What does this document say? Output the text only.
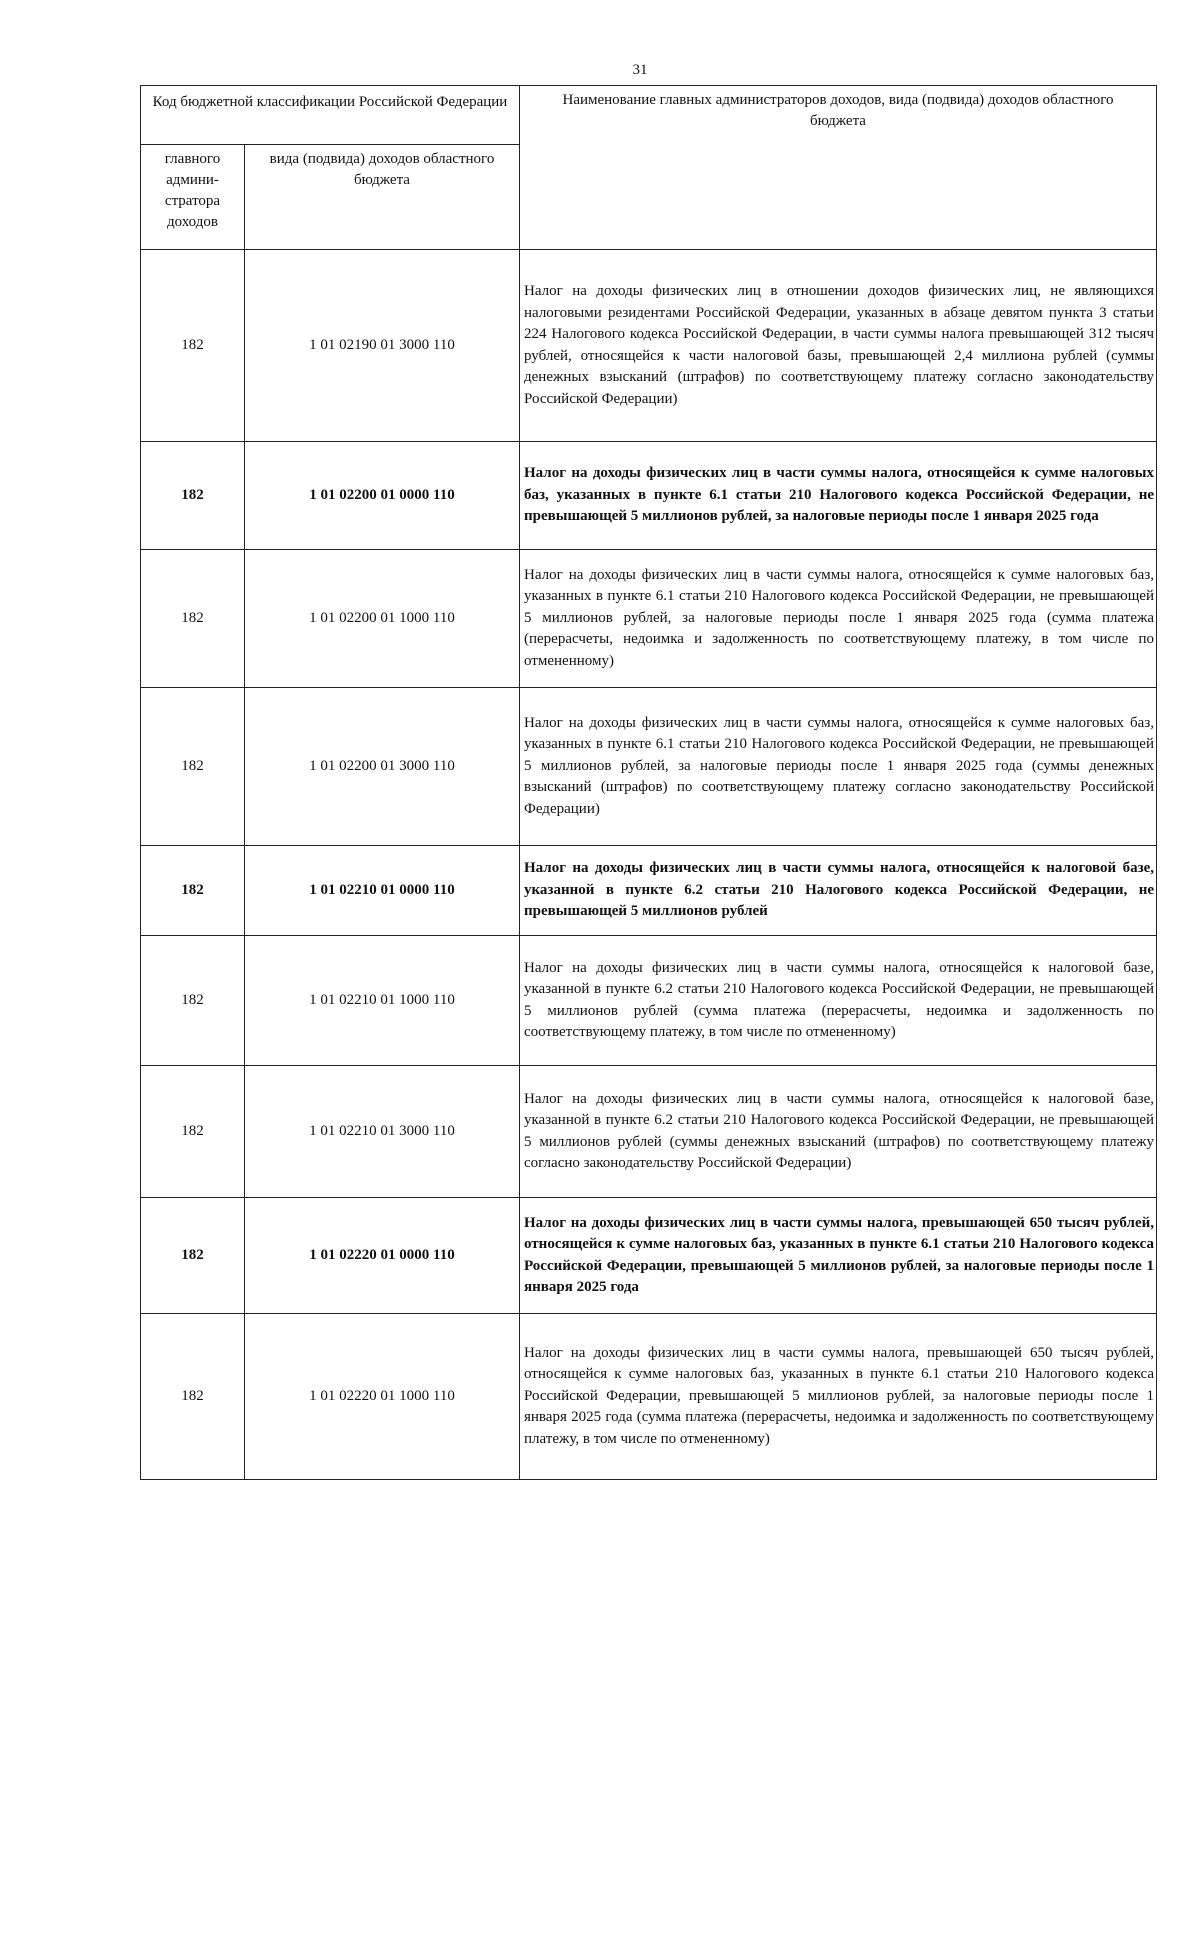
31
Код бюджетной классификации Российской Федерации		Наименование главных администраторов доходов, вида (подвида) доходов областного бюджета
главного админи-стратора доходов	вида (подвида) доходов областного бюджета	
182	1 01 02190 01 3000 110	Налог на доходы физических лиц в отношении доходов физических лиц, не являющихся налоговыми резидентами Российской Федерации, указанных в абзаце девятом пункта 3 статьи 224 Налогового кодекса Российской Федерации, в части суммы налога превышающей 312 тысяч рублей, относящейся к части налоговой базы, превышающей 2,4 миллиона рублей (суммы денежных взысканий (штрафов) по соответствующему платежу согласно законодательству Российской Федерации)
182	1 01 02200 01 0000 110	Налог на доходы физических лиц в части суммы налога, относящейся к сумме налоговых баз, указанных в пункте 6.1 статьи 210 Налогового кодекса Российской Федерации, не превышающей 5 миллионов рублей, за налоговые периоды после 1 января 2025 года
182	1 01 02200 01 1000 110	Налог на доходы физических лиц в части суммы налога, относящейся к сумме налоговых баз, указанных в пункте 6.1 статьи 210 Налогового кодекса Российской Федерации, не превышающей 5 миллионов рублей, за налоговые периоды после 1 января 2025 года (сумма платежа (перерасчеты, недоимка и задолженность по соответствующему платежу, в том числе по отмененному)
182	1 01 02200 01 3000 110	Налог на доходы физических лиц в части суммы налога, относящейся к сумме налоговых баз, указанных в пункте 6.1 статьи 210 Налогового кодекса Российской Федерации, не превышающей 5 миллионов рублей, за налоговые периоды после 1 января 2025 года (суммы денежных взысканий (штрафов) по соответствующему платежу согласно законодательству Российской Федерации)
182	1 01 02210 01 0000 110	Налог на доходы физических лиц в части суммы налога, относящейся к налоговой базе, указанной в пункте 6.2 статьи 210 Налогового кодекса Российской Федерации, не превышающей 5 миллионов рублей
182	1 01 02210 01 1000 110	Налог на доходы физических лиц в части суммы налога, относящейся к налоговой базе, указанной в пункте 6.2 статьи 210 Налогового кодекса Российской Федерации, не превышающей 5 миллионов рублей (сумма платежа (перерасчеты, недоимка и задолженность по соответствующему платежу, в том числе по отмененному)
182	1 01 02210 01 3000 110	Налог на доходы физических лиц в части суммы налога, относящейся к налоговой базе, указанной в пункте 6.2 статьи 210 Налогового кодекса Российской Федерации, не превышающей 5 миллионов рублей (суммы денежных взысканий (штрафов) по соответствующему платежу согласно законодательству Российской Федерации)
182	1 01 02220 01 0000 110	Налог на доходы физических лиц в части суммы налога, превышающей 650 тысяч рублей, относящейся к сумме налоговых баз, указанных в пункте 6.1 статьи 210 Налогового кодекса Российской Федерации, превышающей 5 миллионов рублей, за налоговые периоды после 1 января 2025 года
182	1 01 02220 01 1000 110	Налог на доходы физических лиц в части суммы налога, превышающей 650 тысяч рублей, относящейся к сумме налоговых баз, указанных в пункте 6.1 статьи 210 Налогового кодекса Российской Федерации, превышающей 5 миллионов рублей, за налоговые периоды после 1 января 2025 года (сумма платежа (перерасчеты, недоимка и задолженность по соответствующему платежу, в том числе по отмененному)
